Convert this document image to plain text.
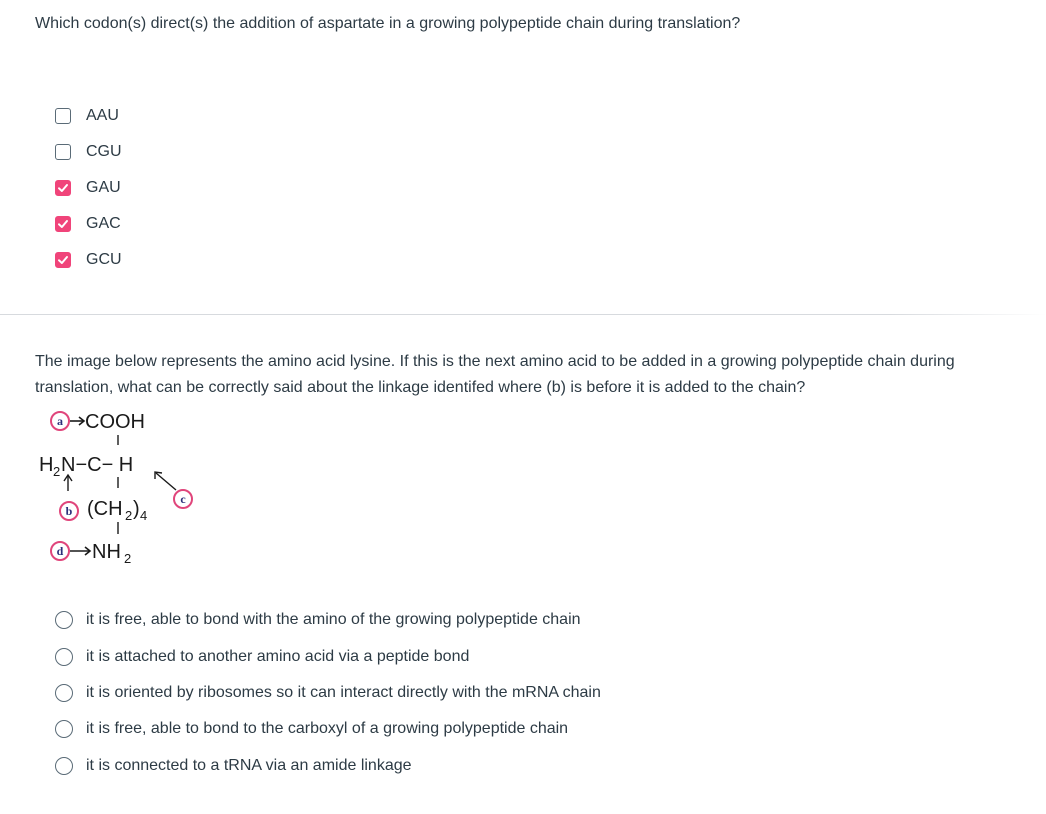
Which codon(s) direct(s) the addition of aspartate in a growing polypeptide chain during translation?

AAU
CGU
GAU
GAC
GCU

The image below represents the amino acid lysine. If this is the next amino acid to be added in a growing polypeptide chain during translation, what can be correctly said about the linkage identifed where (b) is before it is added to the chain?

a COOH
H 2 N−C− H
b (CH 2 ) 4
c
d NH 2
it is free, able to bond with the amino of the growing polypeptide chain
it is attached to another amino acid via a peptide bond
it is oriented by ribosomes so it can interact directly with the mRNA chain
it is free, able to bond to the carboxyl of a growing polypeptide chain
it is connected to a tRNA via an amide linkage
